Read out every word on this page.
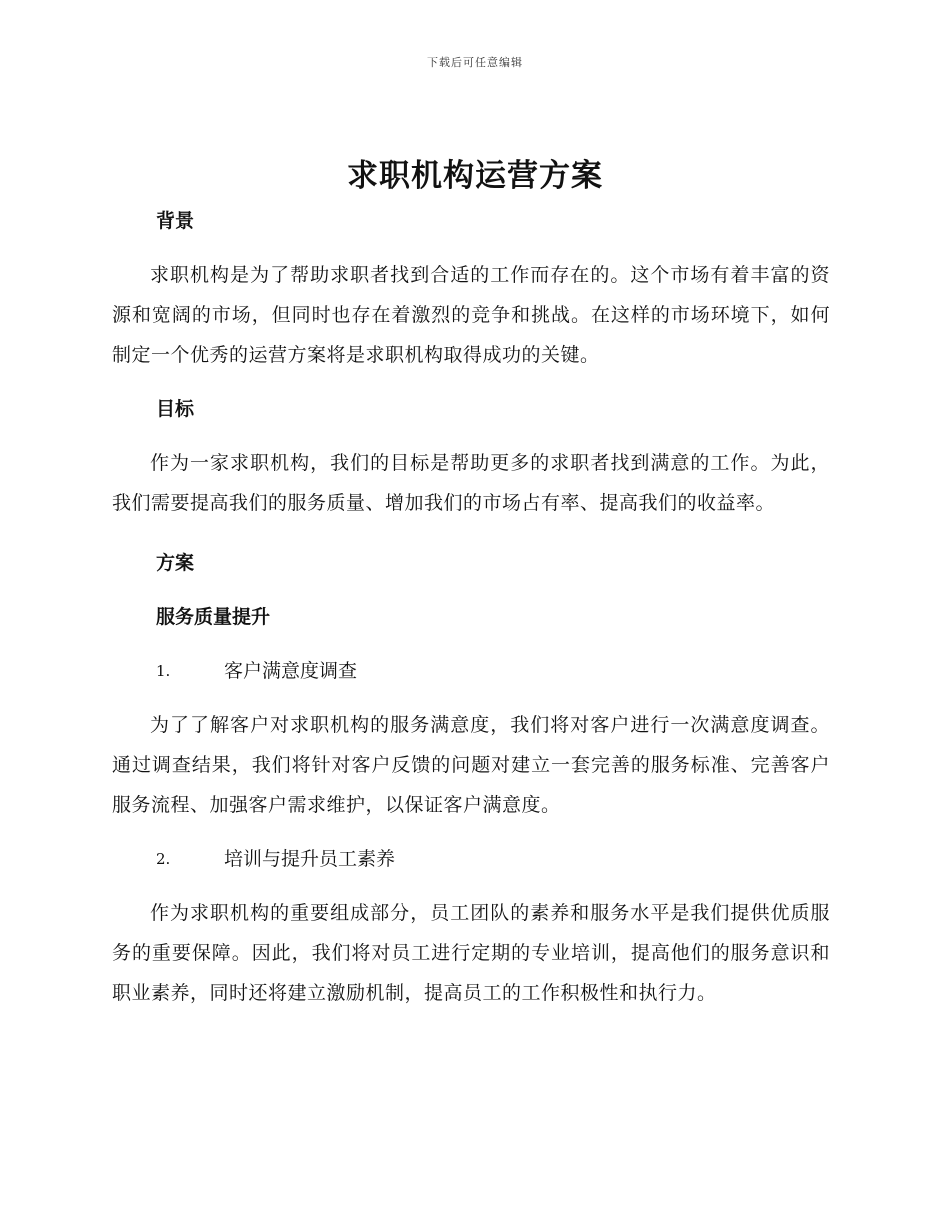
下载后可任意编辑
求职机构运营方案

背景

求职机构是为了帮助求职者找到合适的工作而存在的。这个市场有着丰富的资源和宽阔的市场，但同时也存在着激烈的竞争和挑战。在这样的市场环境下，如何制定一个优秀的运营方案将是求职机构取得成功的关键。

目标

作为一家求职机构，我们的目标是帮助更多的求职者找到满意的工作。为此，我们需要提高我们的服务质量、增加我们的市场占有率、提高我们的收益率。

方案

服务质量提升

1.	客户满意度调查

为了了解客户对求职机构的服务满意度，我们将对客户进行一次满意度调查。通过调查结果，我们将针对客户反馈的问题对建立一套完善的服务标准、完善客户服务流程、加强客户需求维护，以保证客户满意度。

2.	培训与提升员工素养

作为求职机构的重要组成部分，员工团队的素养和服务水平是我们提供优质服务的重要保障。因此，我们将对员工进行定期的专业培训，提高他们的服务意识和职业素养，同时还将建立激励机制，提高员工的工作积极性和执行力。
